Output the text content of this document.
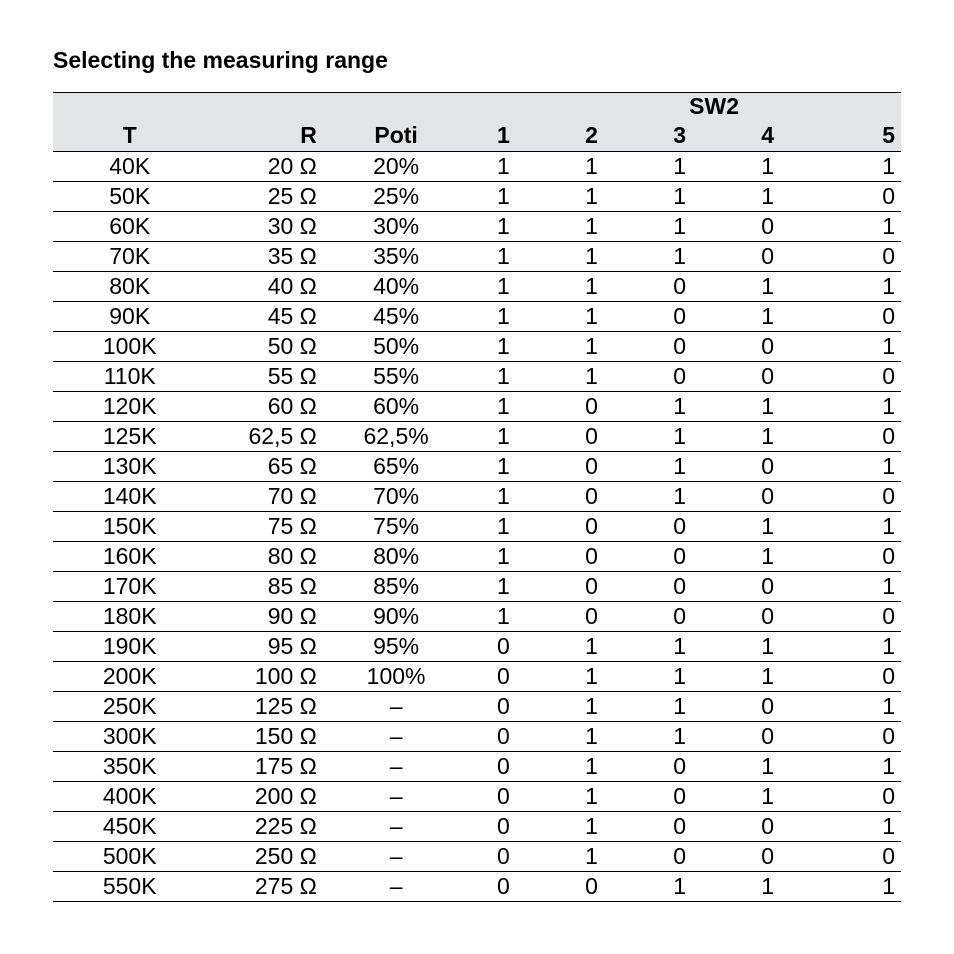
Selecting the measuring range
			SW2				
T	R	Poti	1	2	3	4	5
40K	20 Ω	20%	1	1	1	1	1
50K	25 Ω	25%	1	1	1	1	0
60K	30 Ω	30%	1	1	1	0	1
70K	35 Ω	35%	1	1	1	0	0
80K	40 Ω	40%	1	1	0	1	1
90K	45 Ω	45%	1	1	0	1	0
100K	50 Ω	50%	1	1	0	0	1
110K	55 Ω	55%	1	1	0	0	0
120K	60 Ω	60%	1	0	1	1	1
125K	62,5 Ω	62,5%	1	0	1	1	0
130K	65 Ω	65%	1	0	1	0	1
140K	70 Ω	70%	1	0	1	0	0
150K	75 Ω	75%	1	0	0	1	1
160K	80 Ω	80%	1	0	0	1	0
170K	85 Ω	85%	1	0	0	0	1
180K	90 Ω	90%	1	0	0	0	0
190K	95 Ω	95%	0	1	1	1	1
200K	100 Ω	100%	0	1	1	1	0
250K	125 Ω	–	0	1	1	0	1
300K	150 Ω	–	0	1	1	0	0
350K	175 Ω	–	0	1	0	1	1
400K	200 Ω	–	0	1	0	1	0
450K	225 Ω	–	0	1	0	0	1
500K	250 Ω	–	0	1	0	0	0
550K	275 Ω	–	0	0	1	1	1
